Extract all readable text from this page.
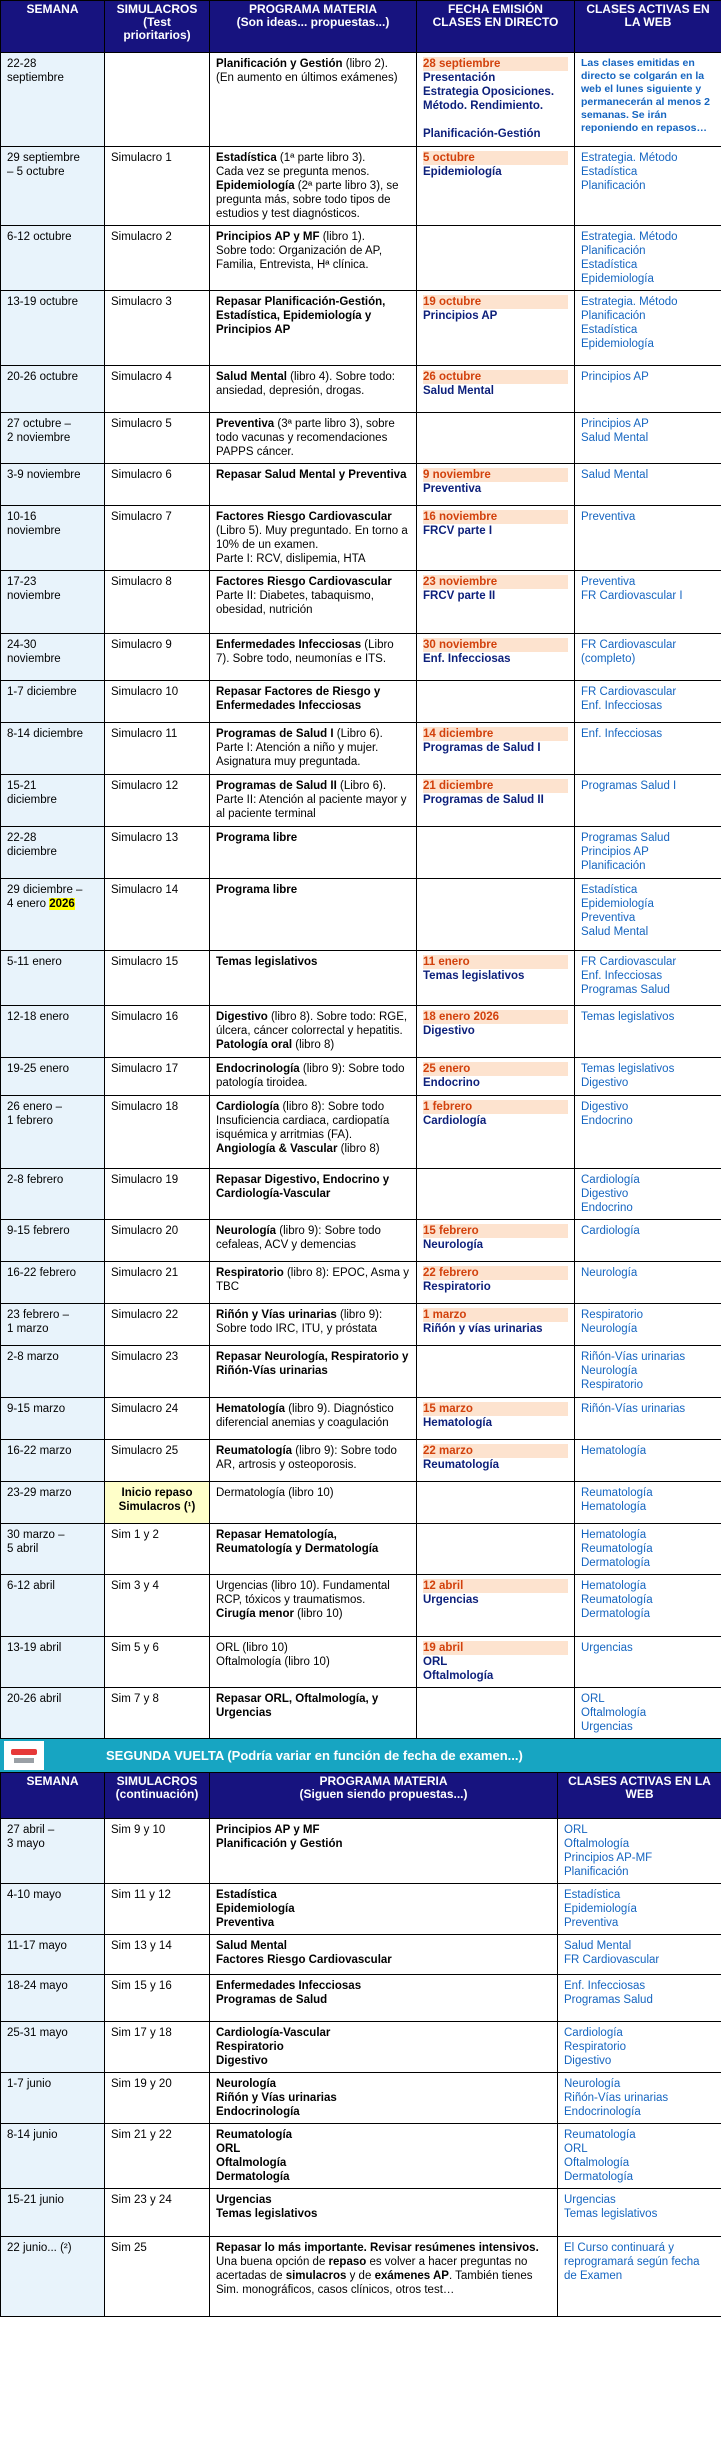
SEMANA	SIMULACROS
(Test
prioritarios)	PROGRAMA MATERIA
(Son ideas... propuestas...)	FECHA EMISIÓN
CLASES EN DIRECTO	CLASES ACTIVAS EN
LA WEB
22-28
septiembre		Planificación y Gestión (libro 2).
(En aumento en últimos exámenes)	28 septiembre
Presentación
Estrategia Oposiciones.
Método. Rendimiento.

Planificación-Gestión	Las clases emitidas en directo se colgarán en la web el lunes siguiente y permanecerán al menos 2 semanas. Se irán reponiendo en repasos…

29 septiembre
– 5 octubre	Simulacro 1	Estadística (1ª parte libro 3).
Cada vez se pregunta menos.
Epidemiología (2ª parte libro 3), se pregunta más, sobre todo tipos de estudios y test diagnósticos.	5 octubre
Epidemiología	Estrategia. Método
Estadística
Planificación

6-12 octubre	Simulacro 2	Principios AP y MF (libro 1).
Sobre todo: Organización de AP, Familia, Entrevista, Hª clínica.		Estrategia. Método
Planificación
Estadística
Epidemiología

13-19 octubre	Simulacro 3	Repasar Planificación-Gestión, Estadística, Epidemiología y Principios AP	19 octubre
Principios AP	Estrategia. Método
Planificación
Estadística
Epidemiología

20-26 octubre	Simulacro 4	Salud Mental (libro 4). Sobre todo: ansiedad, depresión, drogas.	26 octubre
Salud Mental	Principios AP

27 octubre –
2 noviembre	Simulacro 5	Preventiva (3ª parte libro 3), sobre todo vacunas y recomendaciones PAPPS cáncer.		Principios AP
Salud Mental

3-9 noviembre	Simulacro 6	Repasar Salud Mental y Preventiva	9 noviembre
Preventiva	Salud Mental

10-16
noviembre	Simulacro 7	Factores Riesgo Cardiovascular (Libro 5). Muy preguntado. En torno a 10% de un examen.
Parte I: RCV, dislipemia, HTA	16 noviembre
FRCV parte I	Preventiva

17-23
noviembre	Simulacro 8	Factores Riesgo Cardiovascular
Parte II: Diabetes, tabaquismo, obesidad, nutrición	23 noviembre
FRCV parte II	Preventiva
FR Cardiovascular I

24-30
noviembre	Simulacro 9	Enfermedades Infecciosas (Libro 7). Sobre todo, neumonías e ITS.	30 noviembre
Enf. Infecciosas	FR Cardiovascular
(completo)

1-7 diciembre	Simulacro 10	Repasar Factores de Riesgo y Enfermedades Infecciosas		FR Cardiovascular
Enf. Infecciosas

8-14 diciembre	Simulacro 11	Programas de Salud I (Libro 6).
Parte I: Atención a niño y mujer. Asignatura muy preguntada.	14 diciembre
Programas de Salud I	Enf. Infecciosas

15-21
diciembre	Simulacro 12	Programas de Salud II (Libro 6).
Parte II: Atención al paciente mayor y al paciente terminal	21 diciembre
Programas de Salud II	Programas Salud I

22-28
diciembre	Simulacro 13	Programa libre		Programas Salud
Principios AP
Planificación

29 diciembre –
4 enero 2026	Simulacro 14	Programa libre		Estadística
Epidemiología
Preventiva
Salud Mental

5-11 enero	Simulacro 15	Temas legislativos	11 enero
Temas legislativos	FR Cardiovascular
Enf. Infecciosas
Programas Salud

12-18 enero	Simulacro 16	Digestivo (libro 8). Sobre todo: RGE, úlcera, cáncer colorrectal y hepatitis. Patología oral (libro 8)	18 enero 2026
Digestivo	Temas legislativos

19-25 enero	Simulacro 17	Endocrinología (libro 9): Sobre todo patología tiroidea.	25 enero
Endocrino	Temas legislativos
Digestivo

26 enero –
1 febrero	Simulacro 18	Cardiología (libro 8): Sobre todo Insuficiencia cardiaca, cardiopatía isquémica y arritmias (FA).
Angiología & Vascular (libro 8)	1 febrero
Cardiología	Digestivo
Endocrino

2-8 febrero	Simulacro 19	Repasar Digestivo, Endocrino y Cardiología-Vascular		Cardiología
Digestivo
Endocrino

9-15 febrero	Simulacro 20	Neurología (libro 9): Sobre todo cefaleas, ACV y demencias	15 febrero
Neurología	Cardiología

16-22 febrero	Simulacro 21	Respiratorio (libro 8): EPOC, Asma y TBC	22 febrero
Respiratorio	Neurología

23 febrero –
1 marzo	Simulacro 22	Riñón y Vías urinarias (libro 9): Sobre todo IRC, ITU, y próstata	1 marzo
Riñón y vías urinarias	Respiratorio
Neurología

2-8 marzo	Simulacro 23	Repasar Neurología, Respiratorio y Riñón-Vías urinarias		Riñón-Vías urinarias
Neurología
Respiratorio

9-15 marzo	Simulacro 24	Hematología (libro 9). Diagnóstico diferencial anemias y coagulación	15 marzo
Hematología	Riñón-Vías urinarias

16-22 marzo	Simulacro 25	Reumatología (libro 9): Sobre todo AR, artrosis y osteoporosis.	22 marzo
Reumatología	Hematología

23-29 marzo	Inicio repaso
Simulacros (¹)	Dermatología (libro 10)		Reumatología
Hematología

30 marzo –
5 abril	Sim 1 y 2	Repasar Hematología, Reumatología y Dermatología		Hematología
Reumatología
Dermatología

6-12 abril	Sim 3 y 4	Urgencias (libro 10). Fundamental RCP, tóxicos y traumatismos.
Cirugía menor (libro 10)	12 abril
Urgencias	Hematología
Reumatología
Dermatología

13-19 abril	Sim 5 y 6	ORL (libro 10)
Oftalmología (libro 10)	19 abril
ORL
Oftalmología	Urgencias

20-26 abril	Sim 7 y 8	Repasar ORL, Oftalmología, y Urgencias		ORL
Oftalmología
Urgencias
SEGUNDA VUELTA (Podría variar en función de fecha de examen...)
SEMANA	SIMULACROS
(continuación)	PROGRAMA MATERIA
(Siguen siendo propuestas...)	CLASES ACTIVAS EN LA
WEB
27 abril –
3 mayo	Sim 9 y 10	Principios AP y MF
Planificación y Gestión	ORL
Oftalmología
Principios AP-MF
Planificación

4-10 mayo	Sim 11 y 12	Estadística
Epidemiología
Preventiva	Estadística
Epidemiología
Preventiva

11-17 mayo	Sim 13 y 14	Salud Mental
Factores Riesgo Cardiovascular	Salud Mental
FR Cardiovascular

18-24 mayo	Sim 15 y 16	Enfermedades Infecciosas
Programas de Salud	Enf. Infecciosas
Programas Salud

25-31 mayo	Sim 17 y 18	Cardiología-Vascular
Respiratorio
Digestivo	Cardiología
Respiratorio
Digestivo

1-7 junio	Sim 19 y 20	Neurología
Riñón y Vías urinarias
Endocrinología	Neurología
Riñón-Vías urinarias
Endocrinología

8-14 junio	Sim 21 y 22	Reumatología
ORL
Oftalmología
Dermatología	Reumatología
ORL
Oftalmología
Dermatología

15-21 junio	Sim 23 y 24	Urgencias
Temas legislativos	Urgencias
Temas legislativos

22 junio... (²)	Sim 25	Repasar lo más importante. Revisar resúmenes intensivos.
Una buena opción de repaso es volver a hacer preguntas no acertadas de simulacros y de exámenes AP. También tienes Sim. monográficos, casos clínicos, otros test…	El Curso continuará y reprogramará según fecha de Examen
